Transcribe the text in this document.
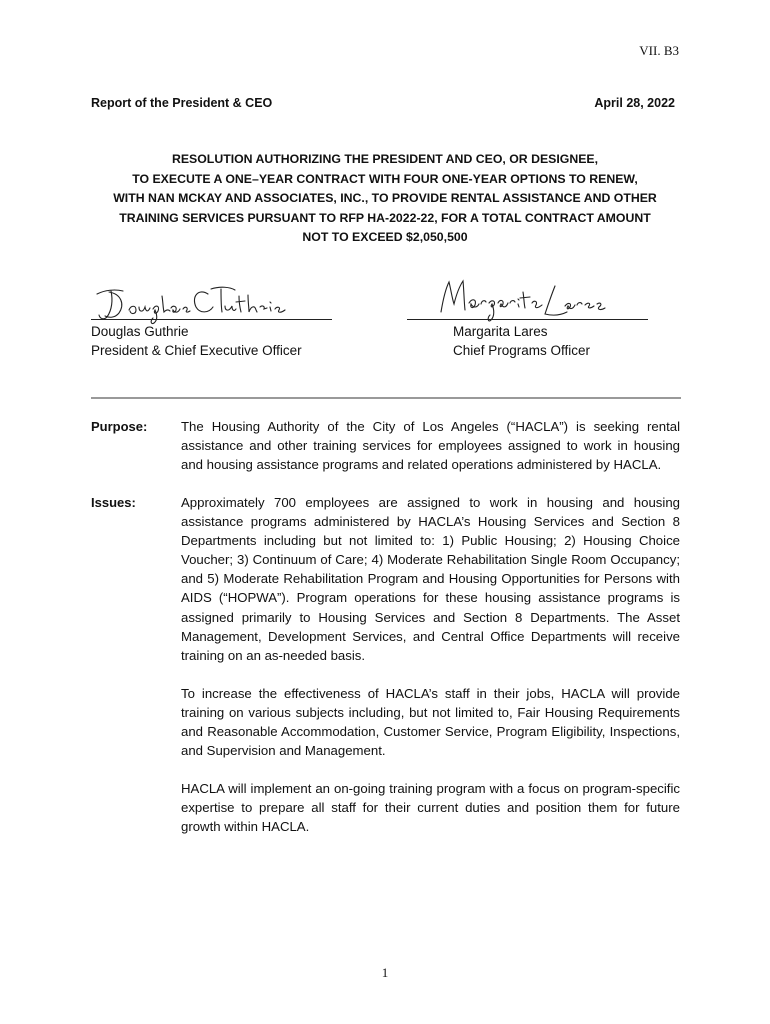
VII. B3
Report of the President & CEO	April 28, 2022
RESOLUTION AUTHORIZING THE PRESIDENT AND CEO, OR DESIGNEE,
TO EXECUTE A ONE–YEAR CONTRACT WITH FOUR ONE-YEAR OPTIONS TO RENEW,
WITH NAN MCKAY AND ASSOCIATES, INC., TO PROVIDE RENTAL ASSISTANCE AND OTHER
TRAINING SERVICES PURSUANT TO RFP HA-2022-22, FOR A TOTAL CONTRACT AMOUNT
NOT TO EXCEED $2,050,500
Douglas Guthrie
President & Chief Executive Officer
Margarita Lares
Chief Programs Officer
Purpose:	The Housing Authority of the City of Los Angeles (“HACLA”) is seeking rental assistance and other training services for employees assigned to work in housing and housing assistance programs and related operations administered by HACLA.

Issues:	Approximately 700 employees are assigned to work in housing and housing assistance programs administered by HACLA’s Housing Services and Section 8 Departments including but not limited to: 1) Public Housing; 2) Housing Choice Voucher; 3) Continuum of Care; 4) Moderate Rehabilitation Single Room Occupancy; and 5) Moderate Rehabilitation Program and Housing Opportunities for Persons with AIDS (“HOPWA”). Program operations for these housing assistance programs is assigned primarily to Housing Services and Section 8 Departments. The Asset Management, Development Services, and Central Office Departments will receive training on an as-needed basis.

To increase the effectiveness of HACLA’s staff in their jobs, HACLA will provide training on various subjects including, but not limited to, Fair Housing Requirements and Reasonable Accommodation, Customer Service, Program Eligibility, Inspections, and Supervision and Management.

HACLA will implement an on-going training program with a focus on program-specific expertise to prepare all staff for their current duties and position them for future growth within HACLA.

1
